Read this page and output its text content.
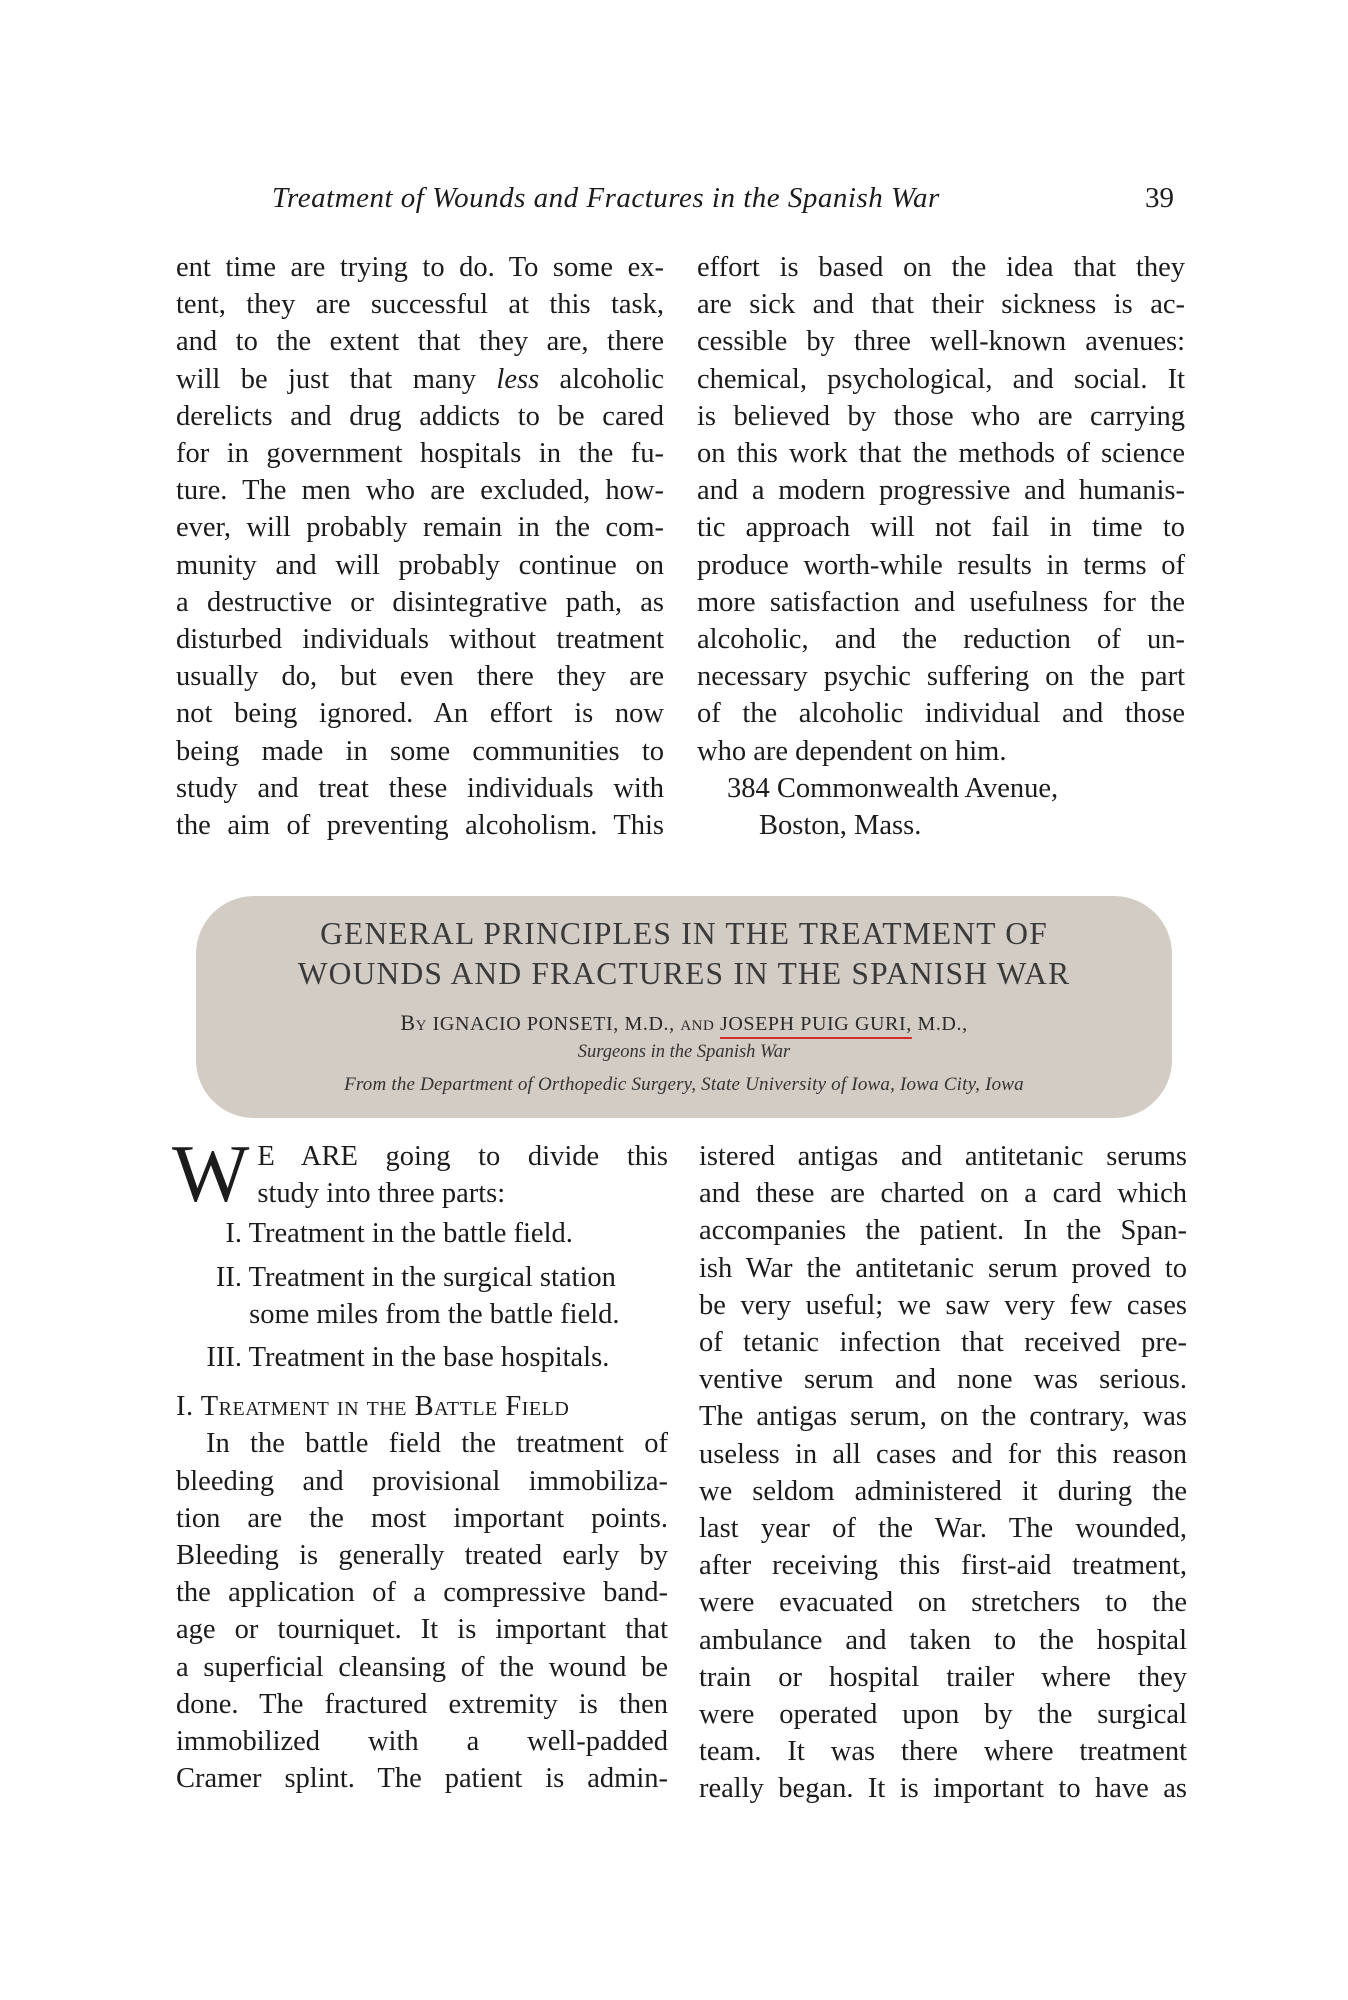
Treatment of Wounds and Fractures in the Spanish War	39
ent time are trying to do. To some ex-
tent, they are successful at this task,
and to the extent that they are, there
will be just that many less alcoholic
derelicts and drug addicts to be cared
for in government hospitals in the fu-
ture. The men who are excluded, how-
ever, will probably remain in the com-
munity and will probably continue on
a destructive or disintegrative path, as
disturbed individuals without treatment
usually do, but even there they are
not being ignored. An effort is now
being made in some communities to
study and treat these individuals with
the aim of preventing alcoholism. This
effort is based on the idea that they
are sick and that their sickness is ac-
cessible by three well-known avenues:
chemical, psychological, and social. It
is believed by those who are carrying
on this work that the methods of science
and a modern progressive and humanis-
tic approach will not fail in time to
produce worth-while results in terms of
more satisfaction and usefulness for the
alcoholic, and the reduction of un-
necessary psychic suffering on the part
of the alcoholic individual and those
who are dependent on him.
384 Commonwealth Avenue,
Boston, Mass.
GENERAL PRINCIPLES IN THE TREATMENT OF
WOUNDS AND FRACTURES IN THE SPANISH WAR
By IGNACIO PONSETI, M.D., AND JOSEPH PUIG GURI, M.D.,
Surgeons in the Spanish War
From the Department of Orthopedic Surgery, State University of Iowa, Iowa City, Iowa
W E ARE going to divide this
study into three parts:
I. Treatment in the battle field.
II. Treatment in the surgical station
some miles from the battle field.
III. Treatment in the base hospitals.
I. Treatment in the Battle Field
In the battle field the treatment of
bleeding and provisional immobiliza-
tion are the most important points.
Bleeding is generally treated early by
the application of a compressive band-
age or tourniquet. It is important that
a superficial cleansing of the wound be
done. The fractured extremity is then
immobilized with a well-padded
Cramer splint. The patient is admin-
istered antigas and antitetanic serums
and these are charted on a card which
accompanies the patient. In the Span-
ish War the antitetanic serum proved to
be very useful; we saw very few cases
of tetanic infection that received pre-
ventive serum and none was serious.
The antigas serum, on the contrary, was
useless in all cases and for this reason
we seldom administered it during the
last year of the War. The wounded,
after receiving this first-aid treatment,
were evacuated on stretchers to the
ambulance and taken to the hospital
train or hospital trailer where they
were operated upon by the surgical
team. It was there where treatment
really began. It is important to have as
